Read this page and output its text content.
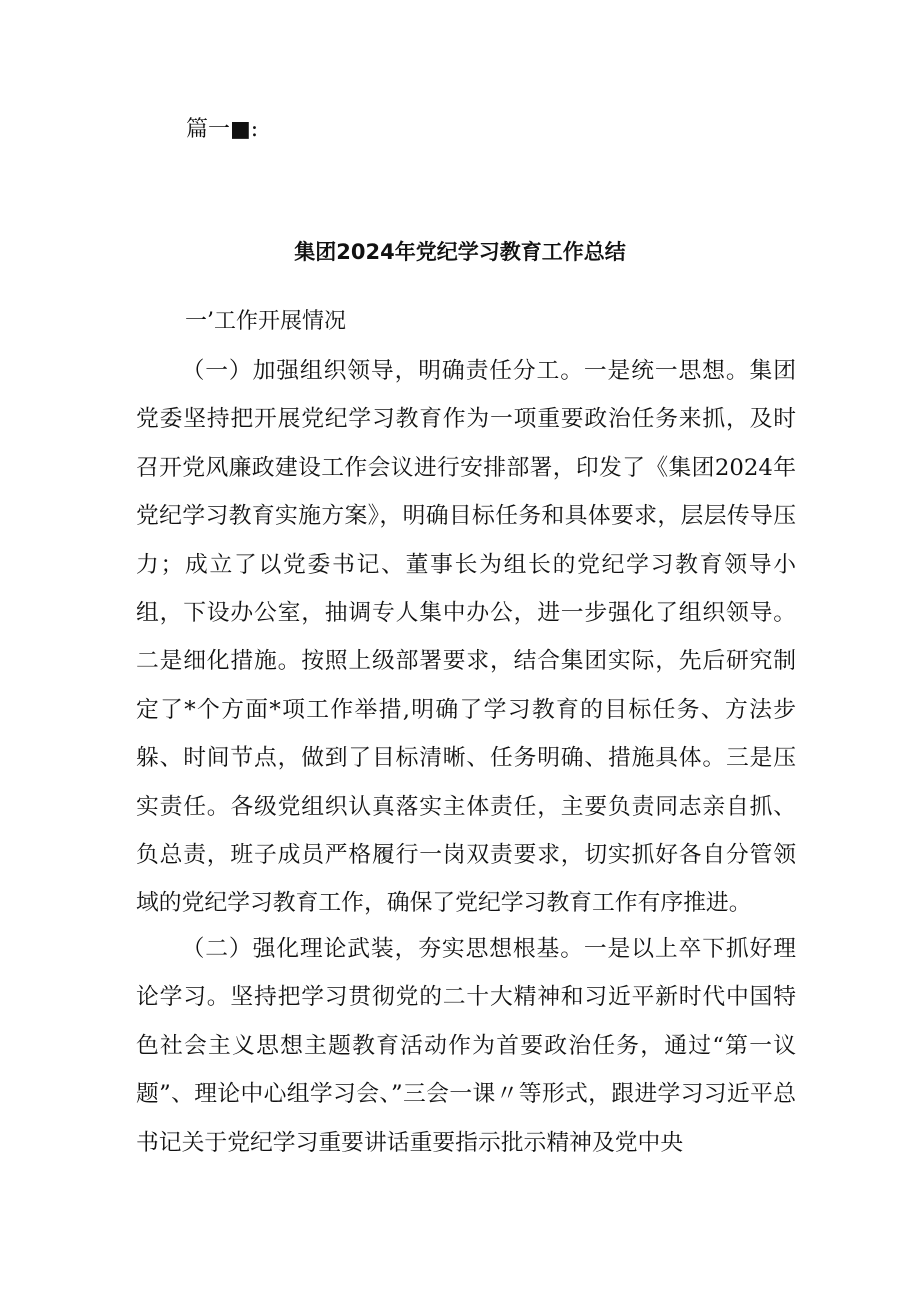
篇一■:
集团2024年党纪学习教育工作总结
一’工作开展情况

（一）加强组织领导，明确责任分工。一是统一思想。集团党委坚持把开展党纪学习教育作为一项重要政治任务来抓，及时召开党风廉政建设工作会议进行安排部署，印发了《集团2024年党纪学习教育实施方案》，明确目标任务和具体要求，层层传导压力；成立了以党委书记、董事长为组长的党纪学习教育领导小组，下设办公室，抽调专人集中办公，进一步强化了组织领导。二是细化措施。按照上级部署要求，结合集团实际，先后研究制定了*个方面*项工作举措,明确了学习教育的目标任务、方法步躲、时间节点，做到了目标清晰、任务明确、措施具体。三是压实责任。各级党组织认真落实主体责任，主要负责同志亲自抓、负总责，班子成员严格履行一岗双责要求，切实抓好各自分管领域的党纪学习教育工作，确保了党纪学习教育工作有序推进。

（二）强化理论武装，夯实思想根基。一是以上卒下抓好理论学习。坚持把学习贯彻党的二十大精神和习近平新时代中国特色社会主义思想主题教育活动作为首要政治任务，通过“第一议题”、理论中心组学习会、”三会一课〃等形式，跟进学习习近平总书记关于党纪学习重要讲话重要指示批示精神及党中央
